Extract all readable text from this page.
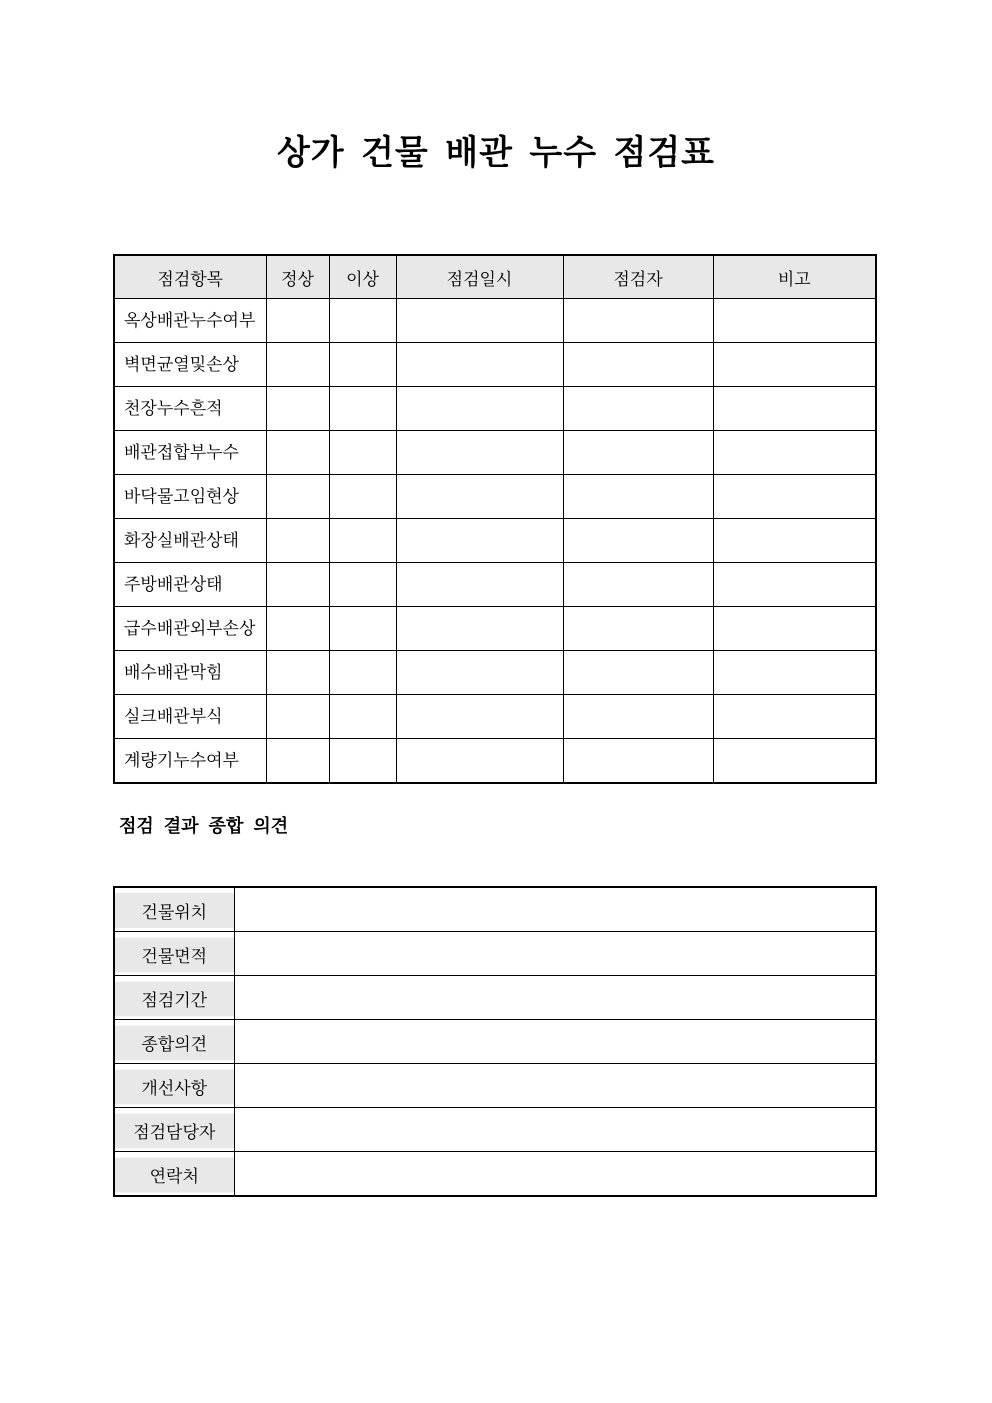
상가 건물 배관 누수 점검표
점검항목	정상	이상	점검일시	점검자	비고
옥상배관누수여부					
벽면균열및손상					
천장누수흔적					
배관접합부누수					
바닥물고임현상					
화장실배관상태					
주방배관상태					
급수배관외부손상					
배수배관막힘					
실크배관부식					
계량기누수여부					
점검 결과 종합 의견
건물위치	
건물면적	
점검기간	
종합의견	
개선사항	
점검담당자	
연락처	
